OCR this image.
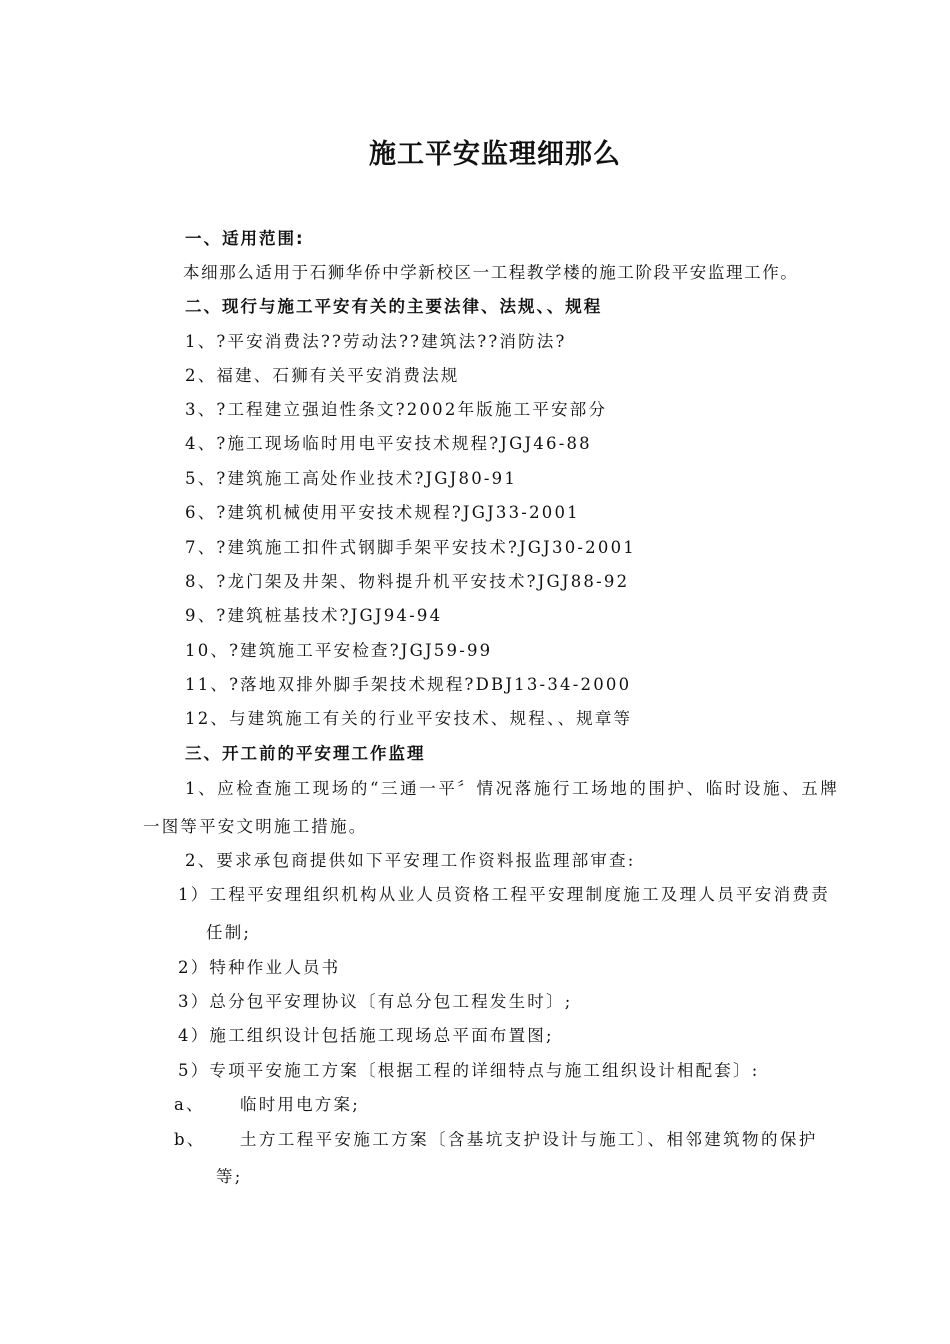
施工平安监理细那么
一、适用范围:
本细那么适用于石狮华侨中学新校区一工程教学楼的施工阶段平安监理工作。
二、现行与施工平安有关的主要法律、法规、、规程
1、?平安消费法??劳动法??建筑法??消防法?
2、福建、石狮有关平安消费法规
3、?工程建立强迫性条文?2002年版施工平安部分
4、?施工现场临时用电平安技术规程?JGJ46-88
5、?建筑施工高处作业技术?JGJ80-91
6、?建筑机械使用平安技术规程?JGJ33-2001
7、?建筑施工扣件式钢脚手架平安技术?JGJ30-2001
8、?龙门架及井架、物料提升机平安技术?JGJ88-92
9、?建筑桩基技术?JGJ94-94
10、?建筑施工平安检查?JGJ59-99
11、?落地双排外脚手架技术规程?DBJ13-34-2000
12、与建筑施工有关的行业平安技术、规程、、规章等
三、开工前的平安理工作监理
1、应检查施工现场的“三通一平〞情况落施行工场地的围护、临时设施、五牌
一图等平安文明施工措施。
2、要求承包商提供如下平安理工作资料报监理部审查:
1）工程平安理组织机构从业人员资格工程平安理制度施工及理人员平安消费责
任制;
2）特种作业人员书
3）总分包平安理协议〔有总分包工程发生时〕;
4）施工组织设计包括施工现场总平面布置图;
5）专项平安施工方案〔根据工程的详细特点与施工组织设计相配套〕:
a、 临时用电方案;
b、 土方工程平安施工方案〔含基坑支护设计与施工〕、相邻建筑物的保护
等;
